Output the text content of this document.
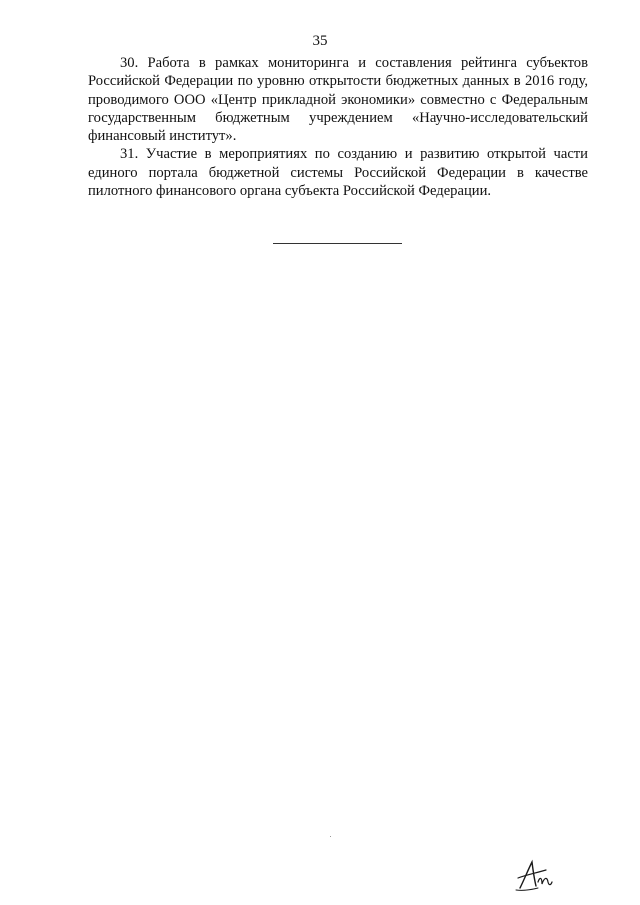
35

30. Работа в рамках мониторинга и составления рейтинга субъектов Российской Федерации по уровню открытости бюджетных данных в 2016 году, проводимого ООО «Центр прикладной экономики» совместно с Федеральным государственным бюджетным учреждением «Научно-исследовательский финансовый институт».

31. Участие в мероприятиях по созданию и развитию открытой части единого портала бюджетной системы Российской Федерации в качестве пилотного финансового органа субъекта Российской Федерации.
